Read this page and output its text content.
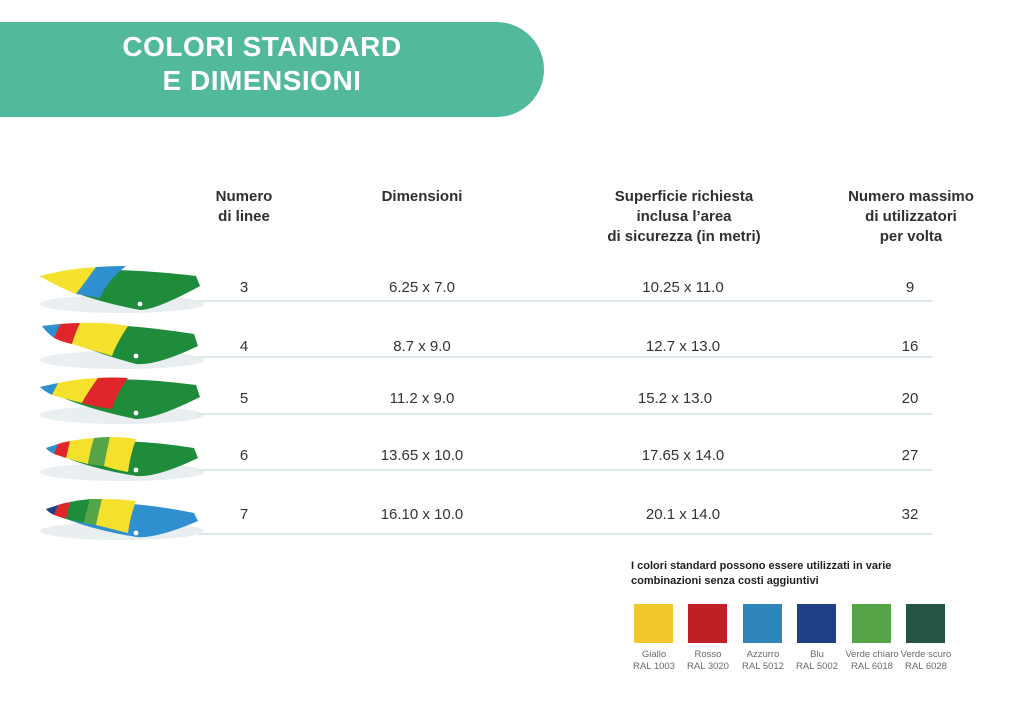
COLORI STANDARD
E DIMENSIONI
Numero
di linee
Dimensioni	Superficie richiesta
inclusa l’area
di sicurezza (in metri)
Numero massimo
di utilizzatori
per volta
3	6.25 x 7.0	10.25 x 11.0	9
4	8.7 x 9.0	12.7 x 13.0	16
5	11.2 x 9.0	15.2 x 13.0	20
6	13.65 x 10.0	17.65 x 14.0	27
7	16.10 x 10.0	20.1 x 14.0	32
I colori standard possono essere utilizzati in varie
combinazioni senza costi aggiuntivi
Giallo
RAL 1003
Rosso
RAL 3020
Azzurro
RAL 5012
Blu
RAL 5002
Verde chiaro
RAL 6018
Verde scuro
RAL 6028
